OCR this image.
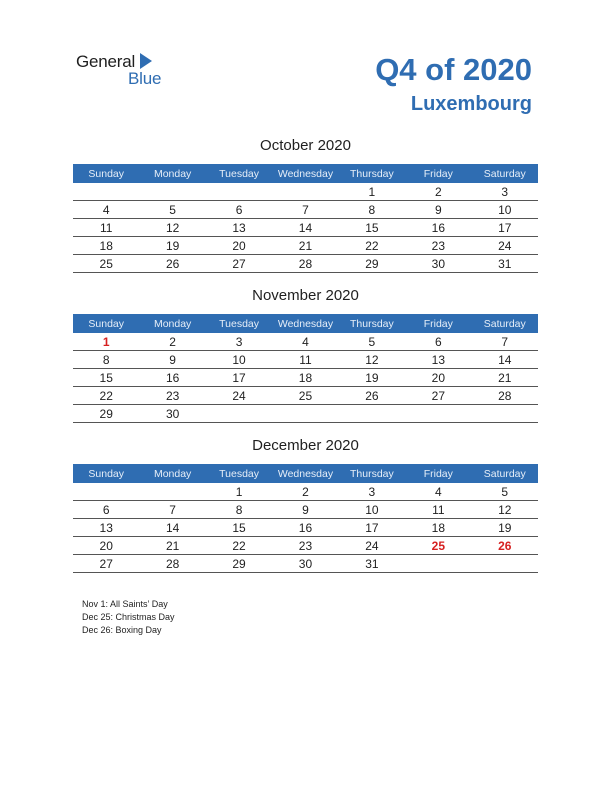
General
Blue	Q4 of 2020
Luxembourg
October 2020
Sunday	Monday	Tuesday	Wednesday	Thursday	Friday	Saturday
				1	2	3
4	5	6	7	8	9	10
11	12	13	14	15	16	17
18	19	20	21	22	23	24
25	26	27	28	29	30	31
November 2020
Sunday	Monday	Tuesday	Wednesday	Thursday	Friday	Saturday
1	2	3	4	5	6	7
8	9	10	11	12	13	14
15	16	17	18	19	20	21
22	23	24	25	26	27	28
29	30					
December 2020
Sunday	Monday	Tuesday	Wednesday	Thursday	Friday	Saturday
		1	2	3	4	5
6	7	8	9	10	11	12
13	14	15	16	17	18	19
20	21	22	23	24	25	26
27	28	29	30	31		
Nov 1: All Saints’ Day
Dec 25: Christmas Day
Dec 26: Boxing Day
